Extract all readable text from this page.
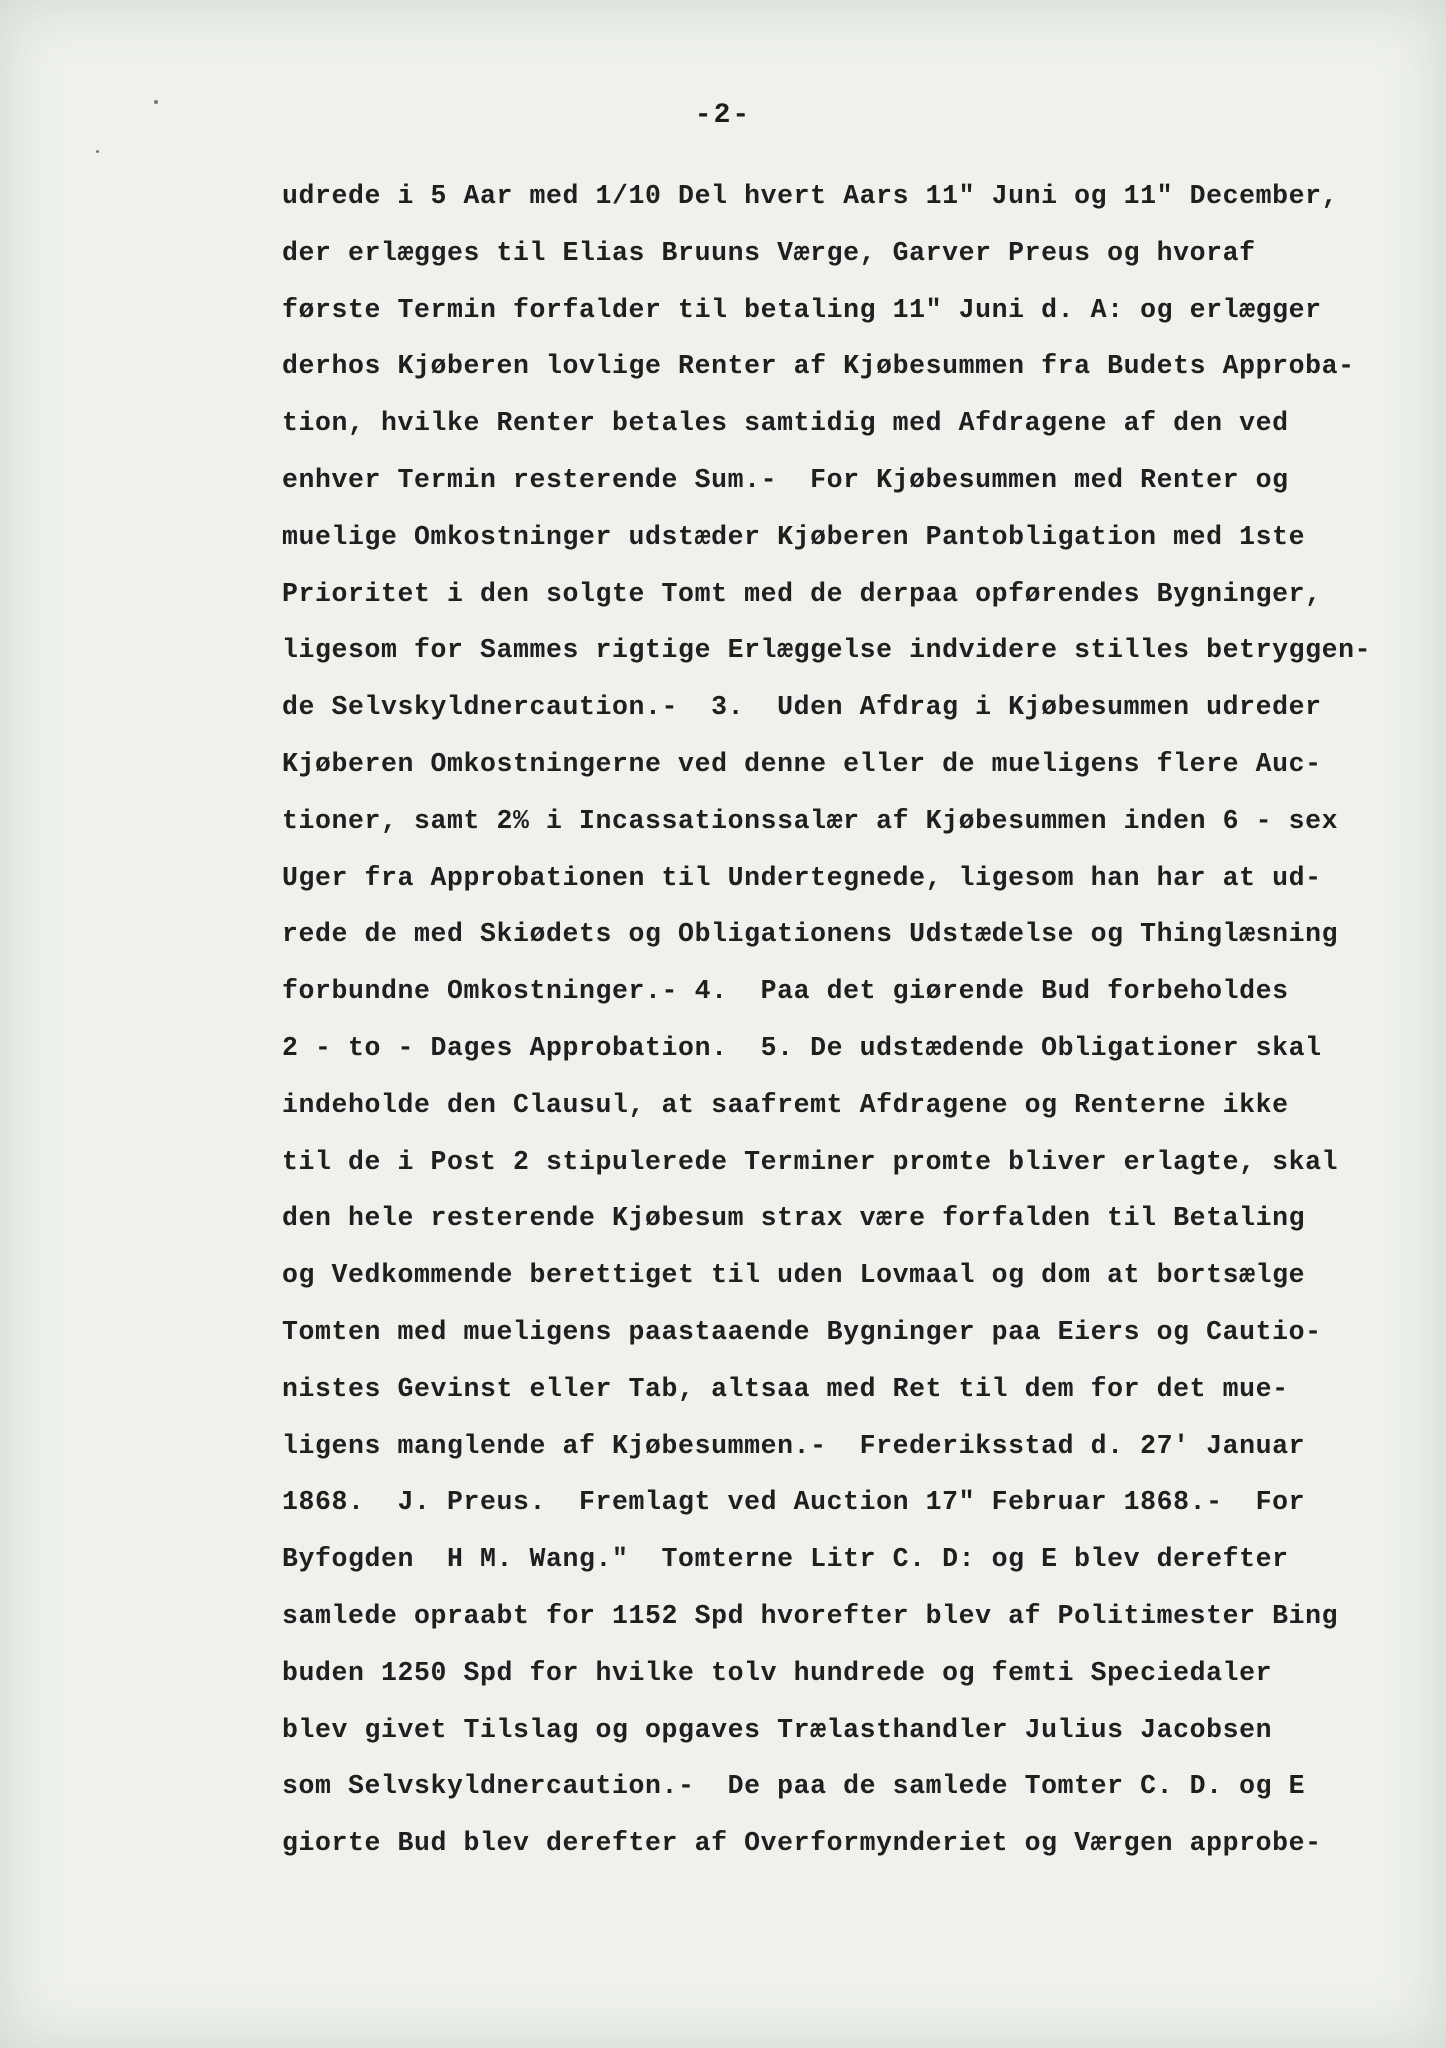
-2-
udrede i 5 Aar med 1/10 Del hvert Aars 11" Juni og 11" December,
der erlægges til Elias Bruuns Værge, Garver Preus og hvoraf
første Termin forfalder til betaling 11" Juni d. A: og erlægger
derhos Kjøberen lovlige Renter af Kjøbesummen fra Budets Approba-
tion, hvilke Renter betales samtidig med Afdragene af den ved
enhver Termin resterende Sum.-  For Kjøbesummen med Renter og
muelige Omkostninger udstæder Kjøberen Pantobligation med 1ste
Prioritet i den solgte Tomt med de derpaa opførendes Bygninger,
ligesom for Sammes rigtige Erlæggelse indvidere stilles betryggen-
de Selvskyldnercaution.-  3.  Uden Afdrag i Kjøbesummen udreder
Kjøberen Omkostningerne ved denne eller de mueligens flere Auc-
tioner, samt 2% i Incassationssalær af Kjøbesummen inden 6 - sex
Uger fra Approbationen til Undertegnede, ligesom han har at ud-
rede de med Skiødets og Obligationens Udstædelse og Thinglæsning
forbundne Omkostninger.- 4.  Paa det giørende Bud forbeholdes
2 - to - Dages Approbation.  5. De udstædende Obligationer skal
indeholde den Clausul, at saafremt Afdragene og Renterne ikke
til de i Post 2 stipulerede Terminer promte bliver erlagte, skal
den hele resterende Kjøbesum strax være forfalden til Betaling
og Vedkommende berettiget til uden Lovmaal og dom at bortsælge
Tomten med mueligens paastaaende Bygninger paa Eiers og Cautio-
nistes Gevinst eller Tab, altsaa med Ret til dem for det mue-
ligens manglende af Kjøbesummen.-  Frederiksstad d. 27' Januar
1868.  J. Preus.  Fremlagt ved Auction 17" Februar 1868.-  For
Byfogden  H M. Wang."  Tomterne Litr C. D: og E blev derefter
samlede opraabt for 1152 Spd hvorefter blev af Politimester Bing
buden 1250 Spd for hvilke tolv hundrede og femti Speciedaler
blev givet Tilslag og opgaves Trælasthandler Julius Jacobsen
som Selvskyldnercaution.-  De paa de samlede Tomter C. D. og E
giorte Bud blev derefter af Overformynderiet og Værgen approbe-
